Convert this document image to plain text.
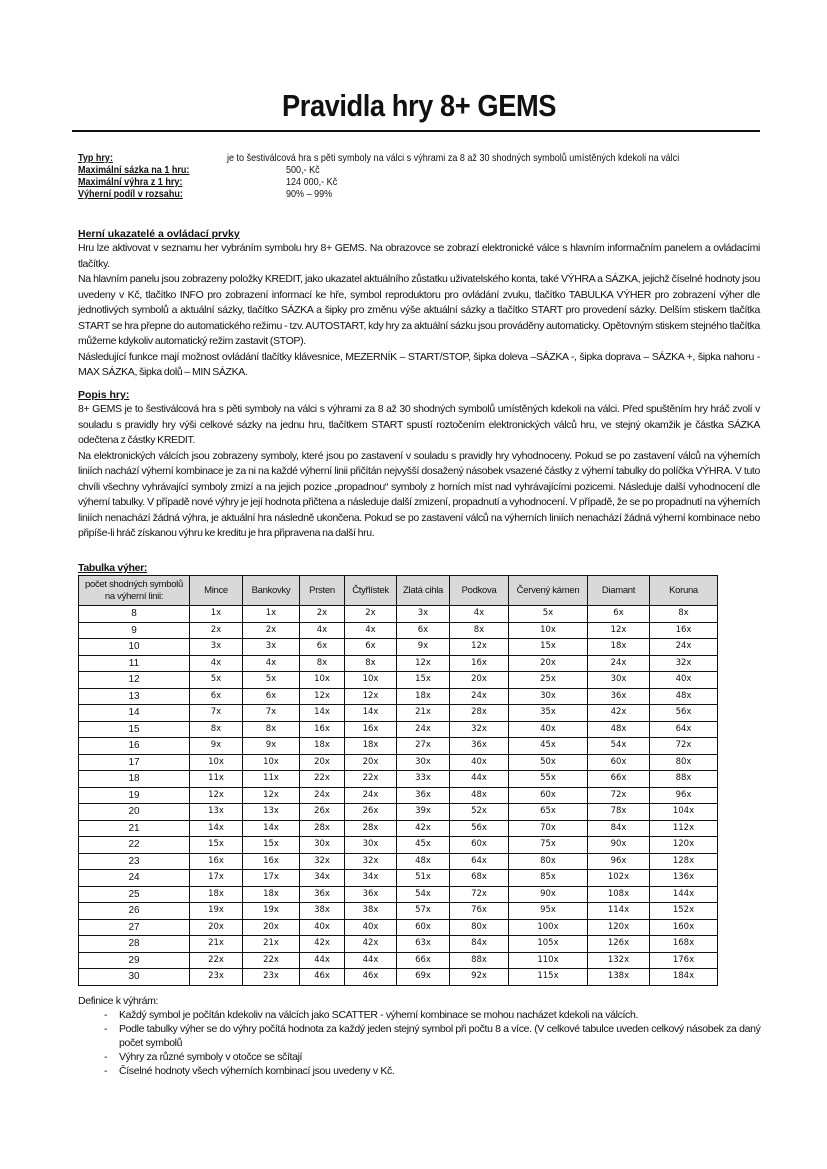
Pravidla hry 8+ GEMS
Typ hry:	je to šestiválcová hra s pěti symboly na válci s výhrami za 8 až 30 shodných symbolů umístěných kdekoli na válci
Maximální sázka na 1 hru:	500,- Kč
Maximální výhra z 1 hry:	124 000,- Kč
Výherní podíl v rozsahu:	90% – 99%
Herní ukazatelé a ovládací prvky

Hru lze aktivovat v seznamu her vybráním symbolu hry 8+ GEMS. Na obrazovce se zobrazí elektronické válce s hlavním informačním panelem a ovládacími tlačítky.

Na hlavním panelu jsou zobrazeny položky KREDIT, jako ukazatel aktuálního zůstatku uživatelského konta, také VÝHRA a SÁZKA, jejichž číselné hodnoty jsou uvedeny v Kč, tlačítko INFO pro zobrazení informací ke hře, symbol reproduktoru pro ovládání zvuku, tlačítko TABULKA VÝHER pro zobrazení výher dle jednotlivých symbolů a aktuální sázky, tlačítko SÁZKA a šipky pro změnu výše aktuální sázky a tlačítko START pro provedení sázky. Delším stiskem tlačítka START se hra přepne do automatického režimu - tzv. AUTOSTART, kdy hry za aktuální sázku jsou prováděny automaticky. Opětovným stiskem stejného tlačítka můžeme kdykoliv automatický režim zastavit (STOP).

Následující funkce mají možnost ovládání tlačítky klávesnice, MEZERNÍK – START/STOP, šipka doleva –SÁZKA -, šipka doprava – SÁZKA +, šipka nahoru - MAX SÁZKA, šipka dolů – MIN SÁZKA.

Popis hry:

8+ GEMS je to šestiválcová hra s pěti symboly na válci s výhrami za 8 až 30 shodných symbolů umístěných kdekoli na válci. Před spuštěním hry hráč zvolí v souladu s pravidly hry výši celkové sázky na jednu hru, tlačítkem START spustí roztočením elektronických válců hru, ve stejný okamžik je částka SÁZKA odečtena z částky KREDIT.

Na elektronických válcích jsou zobrazeny symboly, které jsou po zastavení v souladu s pravidly hry vyhodnoceny. Pokud se po zastavení válců na výherních liniích nachází výherní kombinace je za ni na každé výherní linii přičítán nejvyšší dosažený násobek vsazené částky z výherní tabulky do políčka VÝHRA. V tuto chvíli všechny vyhrávající symboly zmizí a na jejich pozice „propadnou“ symboly z horních míst nad vyhrávajícími pozicemi. Následuje další vyhodnocení dle výherní tabulky. V případě nové výhry je její hodnota přičtena a následuje další zmizení, propadnutí a vyhodnocení. V případě, že se po propadnutí na výherních liniích nenachází žádná výhra, je aktuální hra následně ukončena. Pokud se po zastavení válců na výherních liniích nenachází žádná výherní kombinace nebo připíše-li hráč získanou výhru ke kreditu je hra připravena na další hru.

Tabulka výher:
počet shodných symbolů na výherní linii:	Mince	Bankovky	Prsten	Čtyřlístek	Zlatá cihla	Podkova	Červený kámen	Diamant	Koruna
8	1x	1x	2x	2x	3x	4x	5x	6x	8x
9	2x	2x	4x	4x	6x	8x	10x	12x	16x
10	3x	3x	6x	6x	9x	12x	15x	18x	24x
11	4x	4x	8x	8x	12x	16x	20x	24x	32x
12	5x	5x	10x	10x	15x	20x	25x	30x	40x
13	6x	6x	12x	12x	18x	24x	30x	36x	48x
14	7x	7x	14x	14x	21x	28x	35x	42x	56x
15	8x	8x	16x	16x	24x	32x	40x	48x	64x
16	9x	9x	18x	18x	27x	36x	45x	54x	72x
17	10x	10x	20x	20x	30x	40x	50x	60x	80x
18	11x	11x	22x	22x	33x	44x	55x	66x	88x
19	12x	12x	24x	24x	36x	48x	60x	72x	96x
20	13x	13x	26x	26x	39x	52x	65x	78x	104x
21	14x	14x	28x	28x	42x	56x	70x	84x	112x
22	15x	15x	30x	30x	45x	60x	75x	90x	120x
23	16x	16x	32x	32x	48x	64x	80x	96x	128x
24	17x	17x	34x	34x	51x	68x	85x	102x	136x
25	18x	18x	36x	36x	54x	72x	90x	108x	144x
26	19x	19x	38x	38x	57x	76x	95x	114x	152x
27	20x	20x	40x	40x	60x	80x	100x	120x	160x
28	21x	21x	42x	42x	63x	84x	105x	126x	168x
29	22x	22x	44x	44x	66x	88x	110x	132x	176x
30	23x	23x	46x	46x	69x	92x	115x	138x	184x
Definice k výhrám:
- Každý symbol je počítán kdekoliv na válcích jako SCATTER - výherní kombinace se mohou nacházet kdekoli na válcích.
- Podle tabulky výher se do výhry počítá hodnota za každý jeden stejný symbol při počtu 8 a více. (V celkové tabulce uveden celkový násobek za daný počet symbolů
- Výhry za různé symboly v otočce se sčítají
- Číselné hodnoty všech výherních kombinací jsou uvedeny v Kč.
